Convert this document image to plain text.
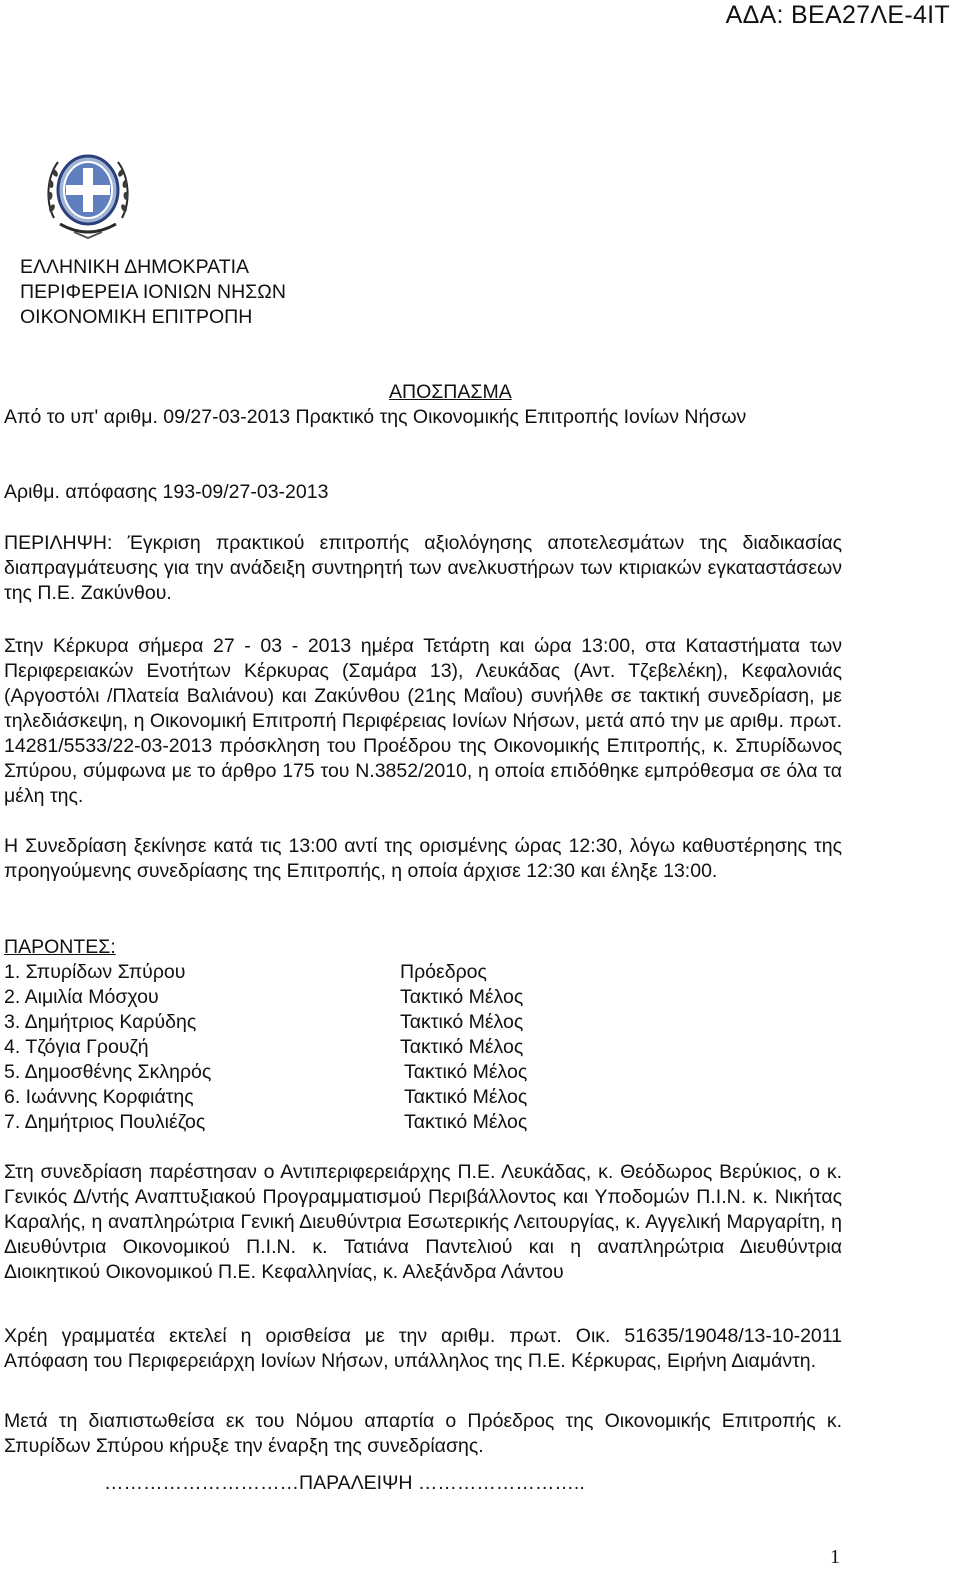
ΑΔΑ: ΒΕΑ27ΛΕ-4ΙΤ
ΕΛΛΗΝΙΚΗ ΔΗΜΟΚΡΑΤΙΑ
ΠΕΡΙΦΕΡΕΙΑ ΙΟΝΙΩΝ ΝΗΣΩΝ
ΟΙΚΟΝΟΜΙΚΗ ΕΠΙΤΡΟΠΗ
ΑΠΟΣΠΑΣΜΑ
Από το υπ' αριθμ. 09/27-03-2013 Πρακτικό της Οικονομικής Επιτροπής Ιονίων Νήσων
Αριθμ. απόφασης 193-09/27-03-2013
ΠΕΡΙΛΗΨΗ: Έγκριση πρακτικού επιτροπής αξιολόγησης αποτελεσμάτων της διαδικασίας διαπραγμάτευσης για την ανάδειξη συντηρητή των ανελκυστήρων των κτιριακών εγκαταστάσεων της Π.Ε. Ζακύνθου.
Στην Κέρκυρα σήμερα 27 - 03 - 2013 ημέρα Τετάρτη και ώρα 13:00, στα Καταστήματα των Περιφερειακών Ενοτήτων Κέρκυρας (Σαμάρα 13), Λευκάδας (Αντ. Τζεβελέκη), Κεφαλονιάς (Αργοστόλι /Πλατεία Βαλιάνου) και Ζακύνθου (21ης Μαΐου) συνήλθε σε τακτική συνεδρίαση, με τηλεδιάσκεψη, η Οικονομική Επιτροπή Περιφέρειας Ιονίων Νήσων, μετά από την με αριθμ. πρωτ. 14281/5533/22-03-2013 πρόσκληση του Προέδρου της Οικονομικής Επιτροπής, κ. Σπυρίδωνος Σπύρου, σύμφωνα με το άρθρο 175 του Ν.3852/2010, η οποία επιδόθηκε εμπρόθεσμα σε όλα τα μέλη της.
Η Συνεδρίαση ξεκίνησε κατά τις 13:00 αντί της ορισμένης ώρας 12:30, λόγω καθυστέρησης της προηγούμενης συνεδρίασης της Επιτροπής, η οποία άρχισε 12:30 και έληξε 13:00.
ΠΑΡΟΝΤΕΣ:
1. Σπυρίδων Σπύρου	Πρόεδρος
2. Αιμιλία Μόσχου	Τακτικό Μέλος
3. Δημήτριος Καρύδης	Τακτικό Μέλος
4. Τζόγια Γρουζή	Τακτικό Μέλος
5. Δημοσθένης Σκληρός	Τακτικό Μέλος
6. Ιωάννης Κορφιάτης	Τακτικό Μέλος
7. Δημήτριος Πουλιέζος	Τακτικό Μέλος
Στη συνεδρίαση παρέστησαν ο Αντιπεριφερειάρχης Π.Ε. Λευκάδας, κ. Θεόδωρος Βερύκιος, ο κ. Γενικός Δ/ντής Αναπτυξιακού Προγραμματισμού Περιβάλλοντος και Υποδομών Π.Ι.Ν. κ. Νικήτας Καραλής, η αναπληρώτρια Γενική Διευθύντρια Εσωτερικής Λειτουργίας, κ. Αγγελική Μαργαρίτη, η Διευθύντρια Οικονομικού Π.Ι.Ν. κ. Τατιάνα Παντελιού και η αναπληρώτρια Διευθύντρια Διοικητικού Οικονομικού Π.Ε. Κεφαλληνίας, κ. Αλεξάνδρα Λάντου
Χρέη γραμματέα εκτελεί η ορισθείσα με την αριθμ. πρωτ. Οικ. 51635/19048/13-10-2011 Απόφαση του Περιφερειάρχη Ιονίων Νήσων, υπάλληλος της Π.Ε. Κέρκυρας, Ειρήνη Διαμάντη.
Μετά τη διαπιστωθείσα εκ του Νόμου απαρτία ο Πρόεδρος της Οικονομικής Επιτροπής κ. Σπυρίδων Σπύρου κήρυξε την έναρξη της συνεδρίασης.
…………………………ΠΑΡΑΛΕΙΨΗ ……………………..
1
